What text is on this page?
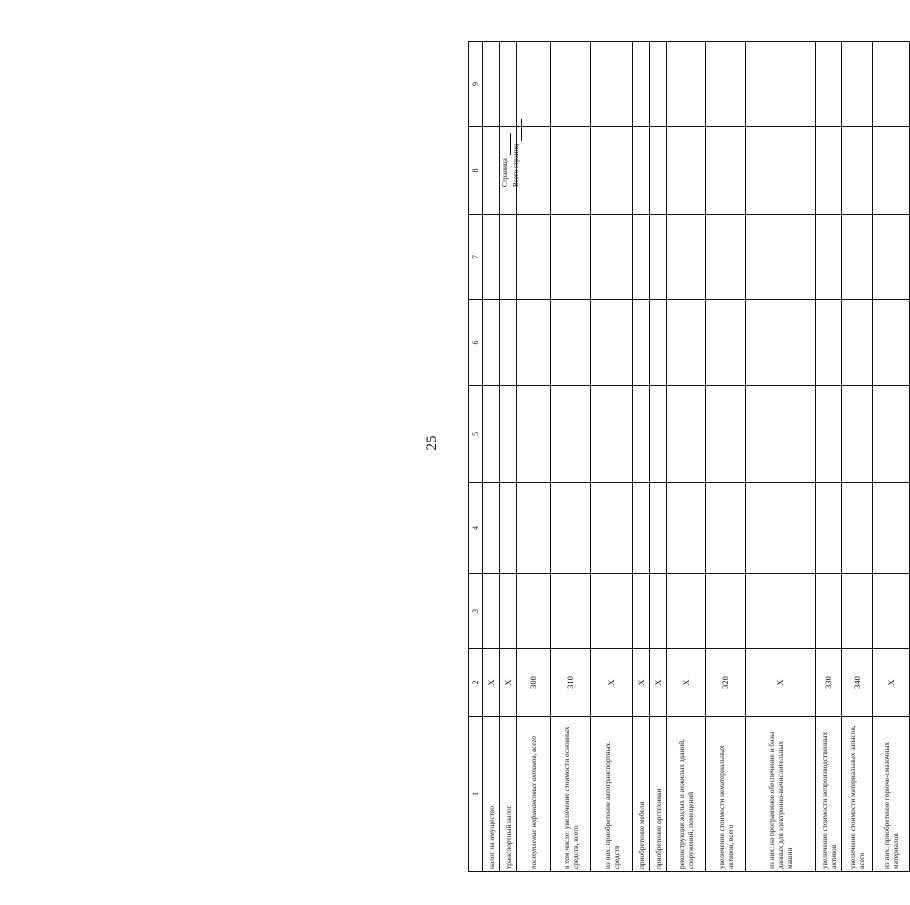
25
Страница Всего страниц
1	2	3	4	5	6	7	8	9
налог на имущество	X							
транспортный налог	X							
поступление нефинансовых активов, всего	300							
в том числе: увеличение стоимости основных средств, всего	310							
из них: приобретение автотранспортных средств	X							
приобретение мебели	X							
приобретение оргтехники	X							
реконструкция жилых и нежилых зданий, сооружений, помещений	X							
увеличение стоимости нематериальных активов, всего	320							
из них: на программное обеспечение и базы данных для электронно-вычислительных машин	X							
увеличение стоимости непроизводственных активов	330							
увеличение стоимости материальных запасов, всего	340							
из них: приобретение горюче-смазочных материалов	X							
